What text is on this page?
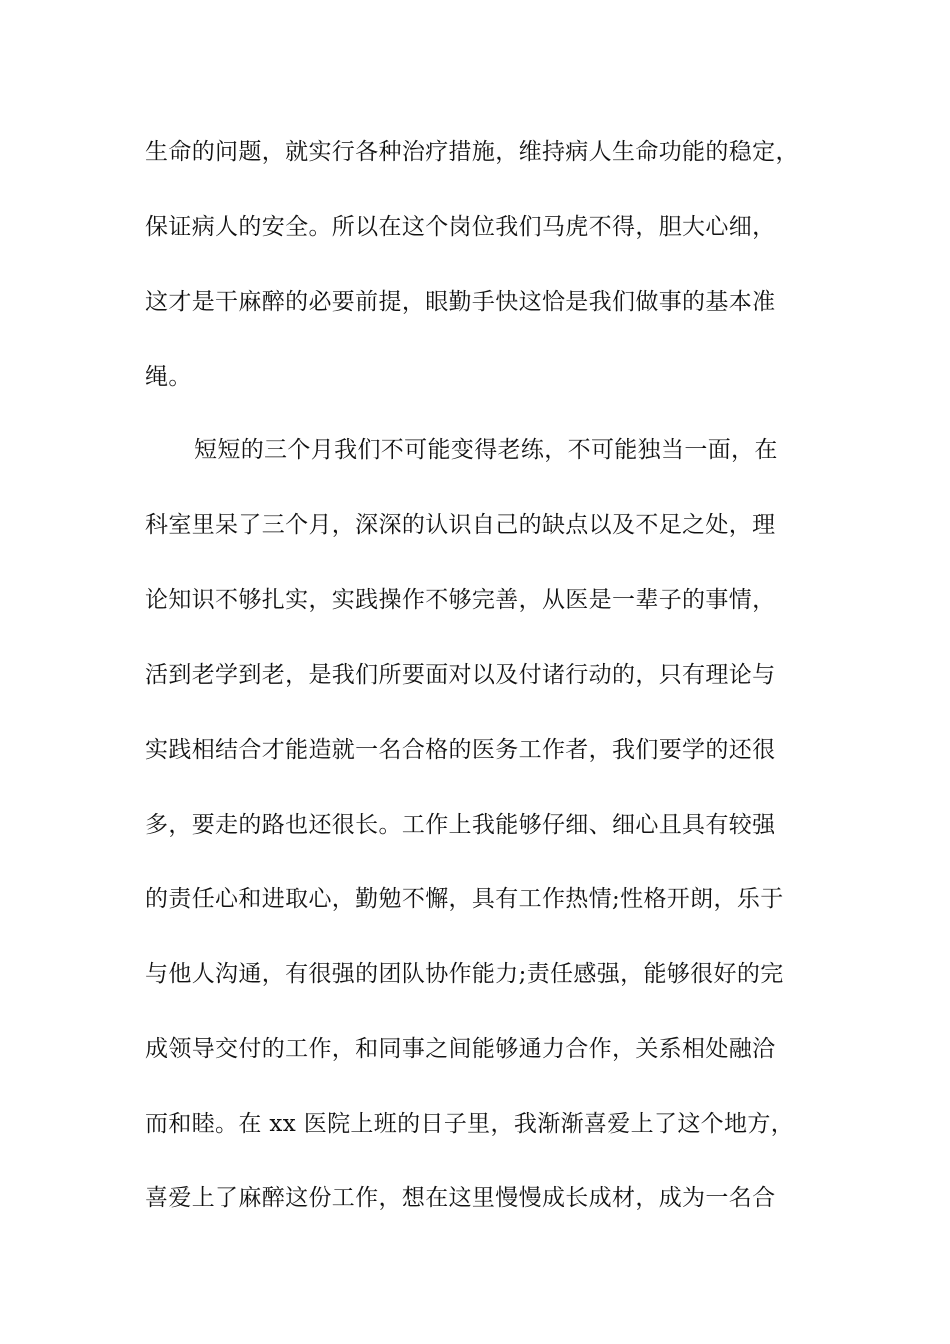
生命的问题，就实行各种治疗措施，维持病人生命功能的稳定，
保证病人的安全。所以在这个岗位我们马虎不得，胆大心细，
这才是干麻醉的必要前提，眼勤手快这恰是我们做事的基本准
绳。
短短的三个月我们不可能变得老练，不可能独当一面，在
科室里呆了三个月，深深的认识自己的缺点以及不足之处，理
论知识不够扎实，实践操作不够完善，从医是一辈子的事情，
活到老学到老，是我们所要面对以及付诸行动的，只有理论与
实践相结合才能造就一名合格的医务工作者，我们要学的还很
多，要走的路也还很长。工作上我能够仔细、细心且具有较强
的责任心和进取心，勤勉不懈，具有工作热情;性格开朗，乐于
与他人沟通，有很强的团队协作能力;责任感强，能够很好的完
成领导交付的工作，和同事之间能够通力合作，关系相处融洽
而和睦。在 xx 医院上班的日子里，我渐渐喜爱上了这个地方，
喜爱上了麻醉这份工作，想在这里慢慢成长成材，成为一名合
